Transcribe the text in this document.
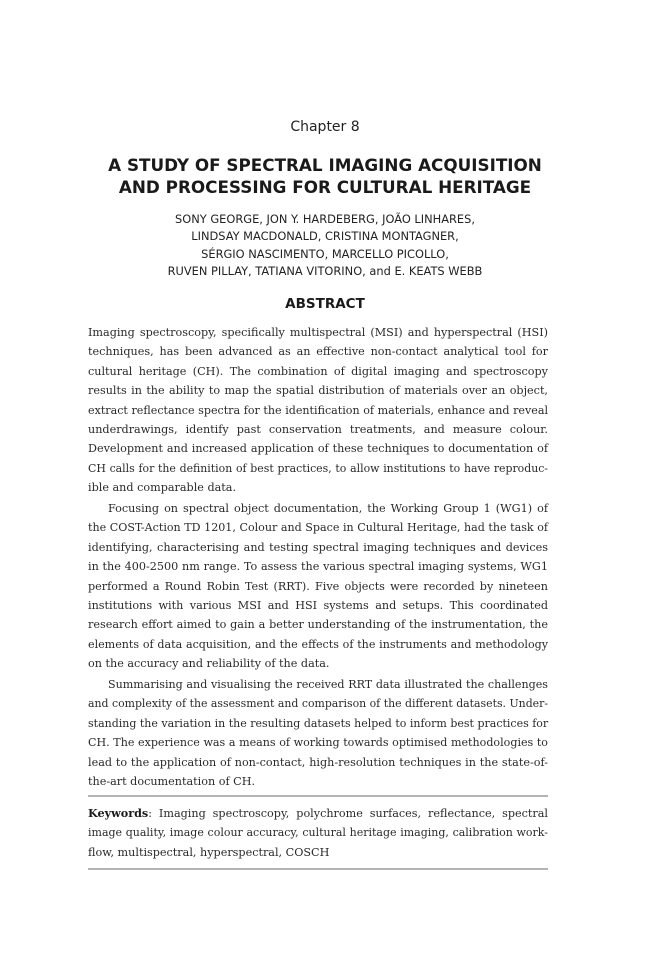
Chapter 8
A STUDY OF SPECTRAL IMAGING ACQUISITION
AND PROCESSING FOR CULTURAL HERITAGE
SONY GEORGE, JON Y. HARDEBERG, JOÃO LINHARES,
LINDSAY MACDONALD, CRISTINA MONTAGNER,
SÉRGIO NASCIMENTO, MARCELLO PICOLLO,
RUVEN PILLAY, TATIANA VITORINO, and E. KEATS WEBB
ABSTRACT
Imaging spectroscopy, specifically multispectral (MSI) and hyperspectral (HSI)
techniques, has been advanced as an effective non-contact analytical tool for
cultural heritage (CH). The combination of digital imaging and spectroscopy
results in the ability to map the spatial distribution of materials over an object,
extract reflectance spectra for the identification of materials, enhance and reveal
underdrawings, identify past conservation treatments, and measure colour.
Development and increased application of these techniques to documentation of
CH calls for the definition of best practices, to allow institutions to have reproduc-
ible and comparable data.
Focusing on spectral object documentation, the Working Group 1 (WG1) of
the COST-Action TD 1201, Colour and Space in Cultural Heritage, had the task of
identifying, characterising and testing spectral imaging techniques and devices
in the 400-2500 nm range. To assess the various spectral imaging systems, WG1
performed a Round Robin Test (RRT). Five objects were recorded by nineteen
institutions with various MSI and HSI systems and setups. This coordinated
research effort aimed to gain a better understanding of the instrumentation, the
elements of data acquisition, and the effects of the instruments and methodology
on the accuracy and reliability of the data.
Summarising and visualising the received RRT data illustrated the challenges
and complexity of the assessment and comparison of the different datasets. Under-
standing the variation in the resulting datasets helped to inform best practices for
CH. The experience was a means of working towards optimised methodologies to
lead to the application of non-contact, high-resolution techniques in the state-of-
the-art documentation of CH.
Keywords: Imaging spectroscopy, polychrome surfaces, reflectance, spectral
image quality, image colour accuracy, cultural heritage imaging, calibration work-
flow, multispectral, hyperspectral, COSCH
